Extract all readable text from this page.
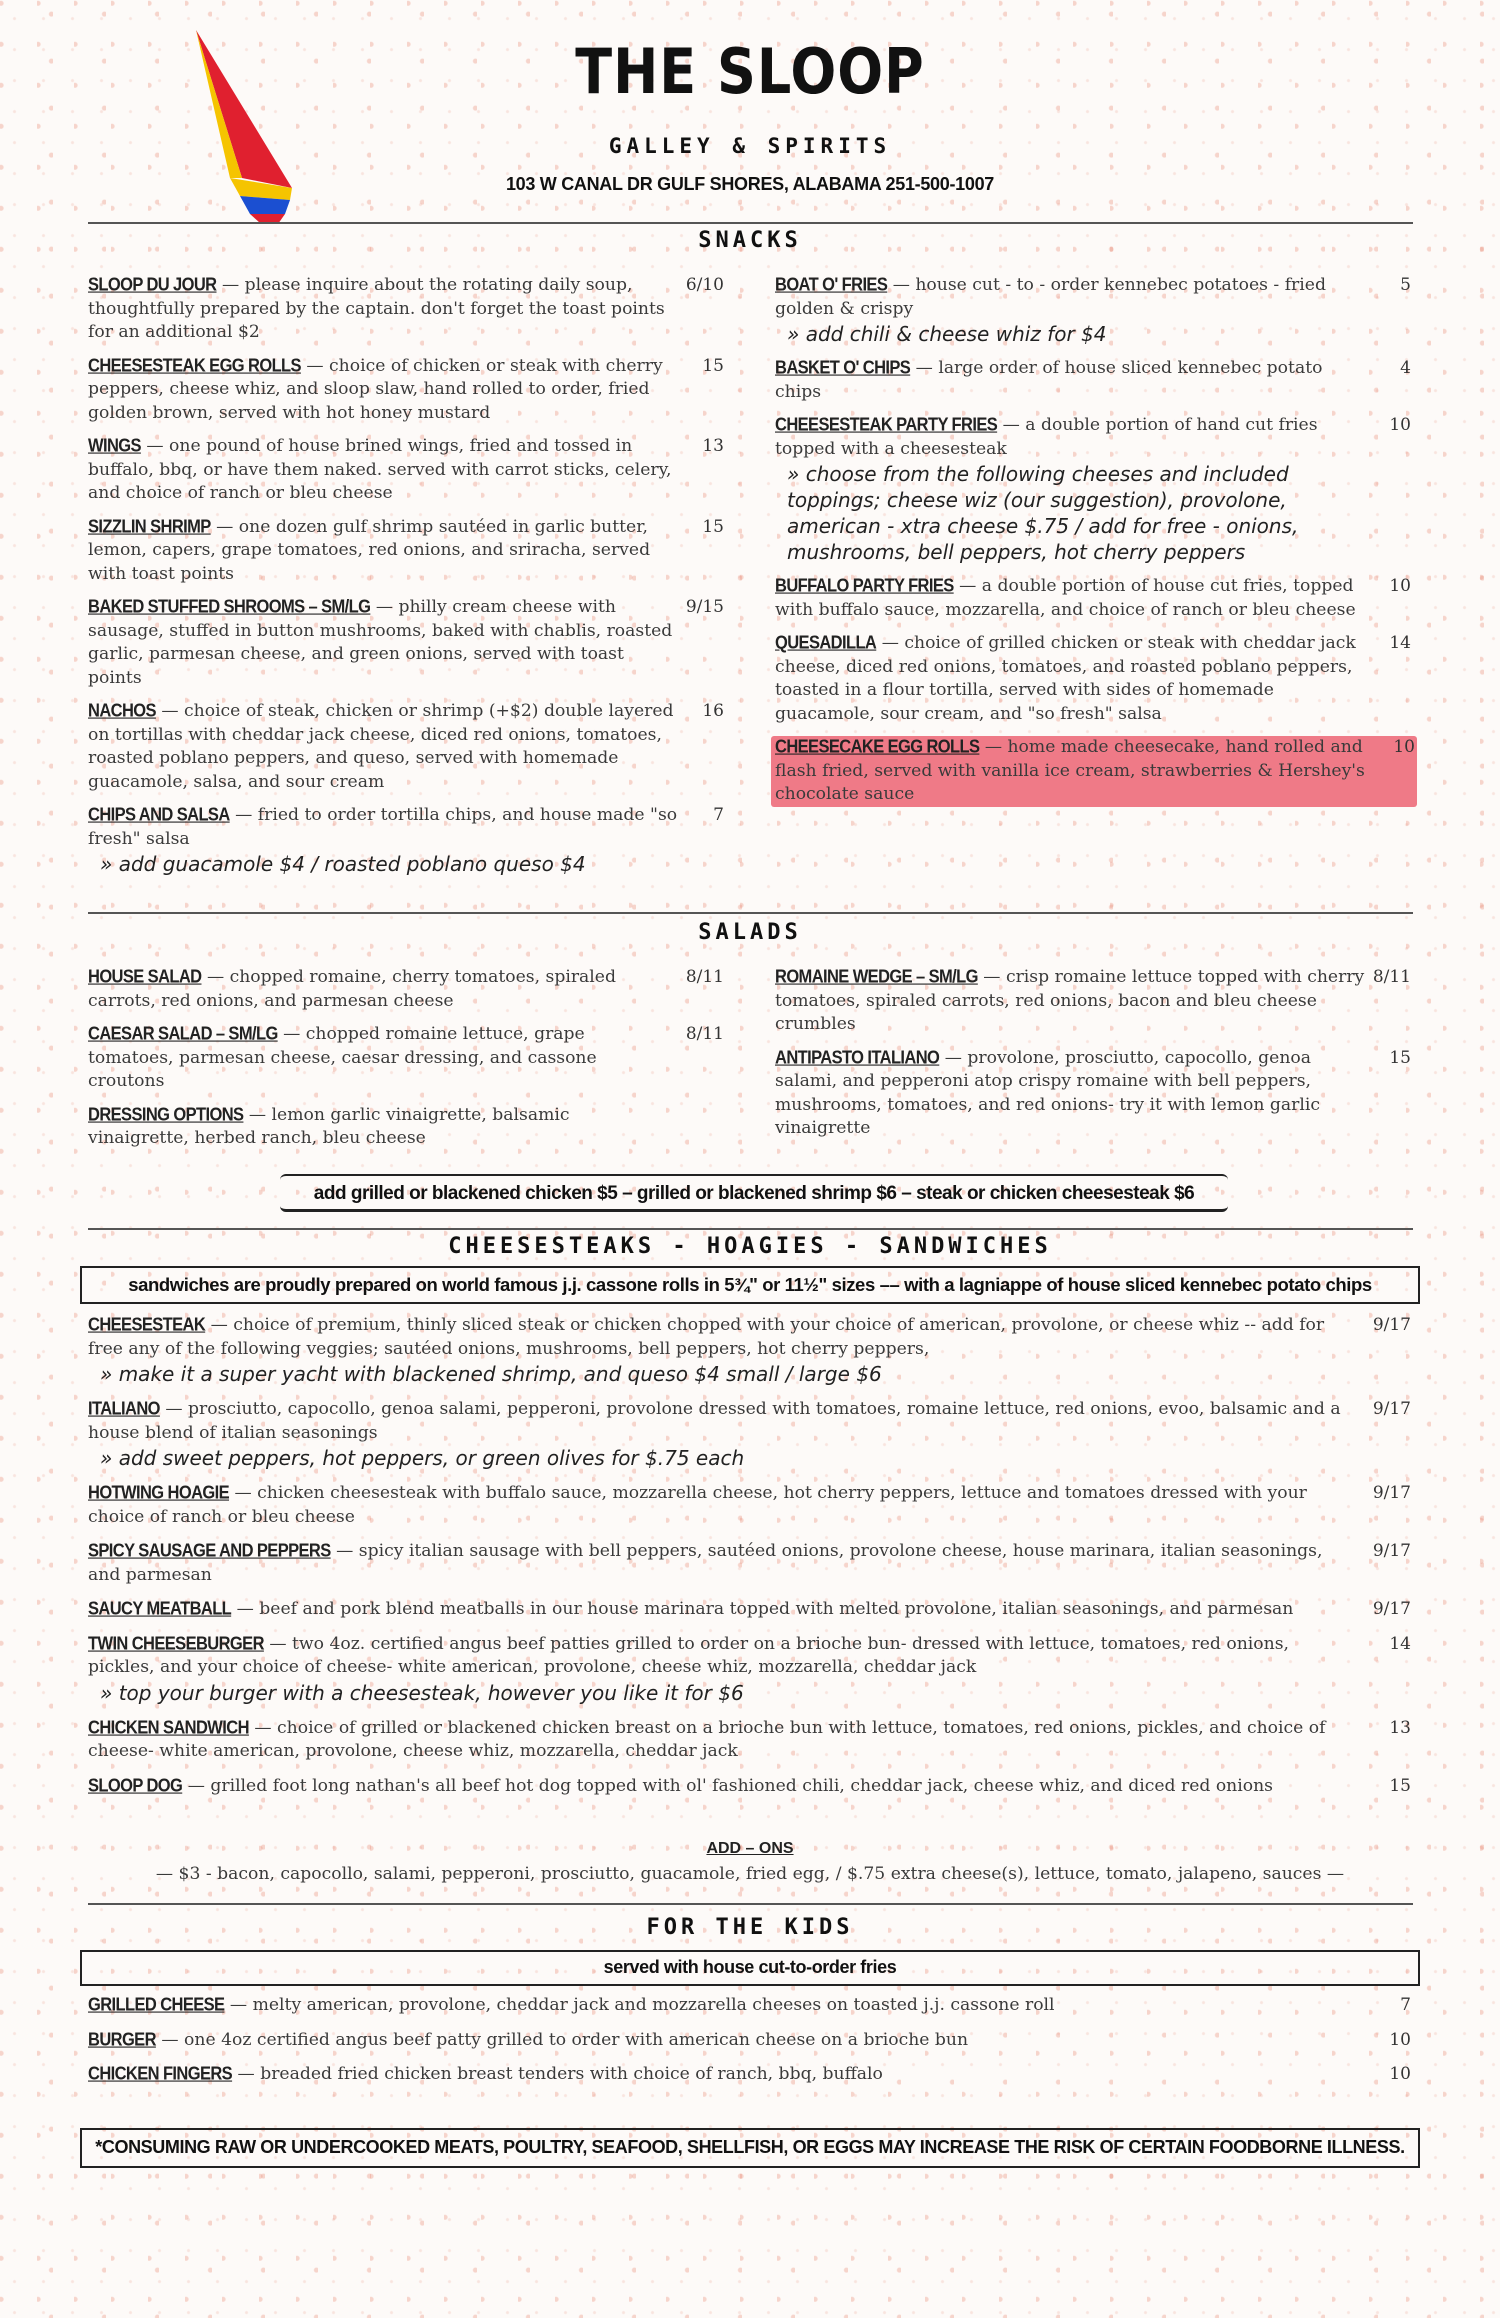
THE SLOOP
GALLEY & SPIRITS
103 W CANAL DR GULF SHORES, ALABAMA 251-500-1007
SNACKS
SLOOP DU JOUR — please inquire about the rotating daily soup, thoughtfully prepared by the captain. don't forget the toast points for an additional $2
6/10
CHEESESTEAK EGG ROLLS — choice of chicken or steak with cherry peppers, cheese whiz, and sloop slaw, hand rolled to order, fried golden brown, served with hot honey mustard
15
WINGS — one pound of house brined wings, fried and tossed in buffalo, bbq, or have them naked. served with carrot sticks, celery, and choice of ranch or bleu cheese
13
SIZZLIN SHRIMP — one dozen gulf shrimp sautéed in garlic butter, lemon, capers, grape tomatoes, red onions, and sriracha, served with toast points
15
BAKED STUFFED SHROOMS – SM/LG — philly cream cheese with sausage, stuffed in button mushrooms, baked with chablis, roasted garlic, parmesan cheese, and green onions, served with toast points
9/15
NACHOS — choice of steak, chicken or shrimp (+$2) double layered on tortillas with cheddar jack cheese, diced red onions, tomatoes, roasted poblano peppers, and queso, served with homemade guacamole, salsa, and sour cream
16
CHIPS AND SALSA — fried to order tortilla chips, and house made "so fresh" salsa
7
» add guacamole $4 / roasted poblano queso $4
BOAT O' FRIES — house cut - to - order kennebec potatoes - fried golden & crispy
5
» add chili & cheese whiz for $4
BASKET O' CHIPS — large order of house sliced kennebec potato chips
4
CHEESESTEAK PARTY FRIES — a double portion of hand cut fries topped with a cheesesteak
10
» choose from the following cheeses and included toppings; cheese wiz (our suggestion), provolone, american - xtra cheese $.75 / add for free - onions, mushrooms, bell peppers, hot cherry peppers
BUFFALO PARTY FRIES — a double portion of house cut fries, topped with buffalo sauce, mozzarella, and choice of ranch or bleu cheese
10
QUESADILLA — choice of grilled chicken or steak with cheddar jack cheese, diced red onions, tomatoes, and roasted poblano peppers, toasted in a flour tortilla, served with sides of homemade guacamole, sour cream, and "so fresh" salsa
14
CHEESECAKE EGG ROLLS — home made cheesecake, hand rolled and flash fried, served with vanilla ice cream, strawberries & Hershey's chocolate sauce
10
SALADS
HOUSE SALAD — chopped romaine, cherry tomatoes, spiraled carrots, red onions, and parmesan cheese
8/11
CAESAR SALAD – SM/LG — chopped romaine lettuce, grape tomatoes, parmesan cheese, caesar dressing, and cassone croutons
8/11
DRESSING OPTIONS — lemon garlic vinaigrette, balsamic vinaigrette, herbed ranch, bleu cheese
ROMAINE WEDGE – SM/LG — crisp romaine lettuce topped with cherry tomatoes, spiraled carrots, red onions, bacon and bleu cheese crumbles
8/11
ANTIPASTO ITALIANO — provolone, prosciutto, capocollo, genoa salami, and pepperoni atop crispy romaine with bell peppers, mushrooms, tomatoes, and red onions- try it with lemon garlic vinaigrette
15
add grilled or blackened chicken $5 – grilled or blackened shrimp $6 – steak or chicken cheesesteak $6
CHEESESTEAKS - HOAGIES - SANDWICHES
sandwiches are proudly prepared on world famous j.j. cassone rolls in 5¾" or 11½" sizes –– with a lagniappe of house sliced kennebec potato chips
CHEESESTEAK — choice of premium, thinly sliced steak or chicken chopped with your choice of american, provolone, or cheese whiz -- add for free any of the following veggies; sautéed onions, mushrooms, bell peppers, hot cherry peppers,
9/17
» make it a super yacht with blackened shrimp, and queso $4 small / large $6
ITALIANO — prosciutto, capocollo, genoa salami, pepperoni, provolone dressed with tomatoes, romaine lettuce, red onions, evoo, balsamic and a house blend of italian seasonings
9/17
» add sweet peppers, hot peppers, or green olives for $.75 each
HOTWING HOAGIE — chicken cheesesteak with buffalo sauce, mozzarella cheese, hot cherry peppers, lettuce and tomatoes dressed with your choice of ranch or bleu cheese
9/17
SPICY SAUSAGE AND PEPPERS — spicy italian sausage with bell peppers, sautéed onions, provolone cheese, house marinara, italian seasonings, and parmesan
9/17
SAUCY MEATBALL — beef and pork blend meatballs in our house marinara topped with melted provolone, italian seasonings, and parmesan	9/17
TWIN CHEESEBURGER — two 4oz. certified angus beef patties grilled to order on a brioche bun- dressed with lettuce, tomatoes, red onions, pickles, and your choice of cheese- white american, provolone, cheese whiz, mozzarella, cheddar jack
14
» top your burger with a cheesesteak, however you like it for $6
CHICKEN SANDWICH — choice of grilled or blackened chicken breast on a brioche bun with lettuce, tomatoes, red onions, pickles, and choice of cheese- white american, provolone, cheese whiz, mozzarella, cheddar jack
13
SLOOP DOG — grilled foot long nathan's all beef hot dog topped with ol' fashioned chili, cheddar jack, cheese whiz, and diced red onions	15
ADD – ONS
— $3 - bacon, capocollo, salami, pepperoni, prosciutto, guacamole, fried egg, / $.75 extra cheese(s), lettuce, tomato, jalapeno, sauces —
FOR THE KIDS
served with house cut-to-order fries
GRILLED CHEESE — melty american, provolone, cheddar jack and mozzarella cheeses on toasted j.j. cassone roll	7
BURGER — one 4oz certified angus beef patty grilled to order with american cheese on a brioche bun	10
CHICKEN FINGERS — breaded fried chicken breast tenders with choice of ranch, bbq, buffalo	10
*CONSUMING RAW OR UNDERCOOKED MEATS, POULTRY, SEAFOOD, SHELLFISH, OR EGGS MAY INCREASE THE RISK OF CERTAIN FOODBORNE ILLNESS.
